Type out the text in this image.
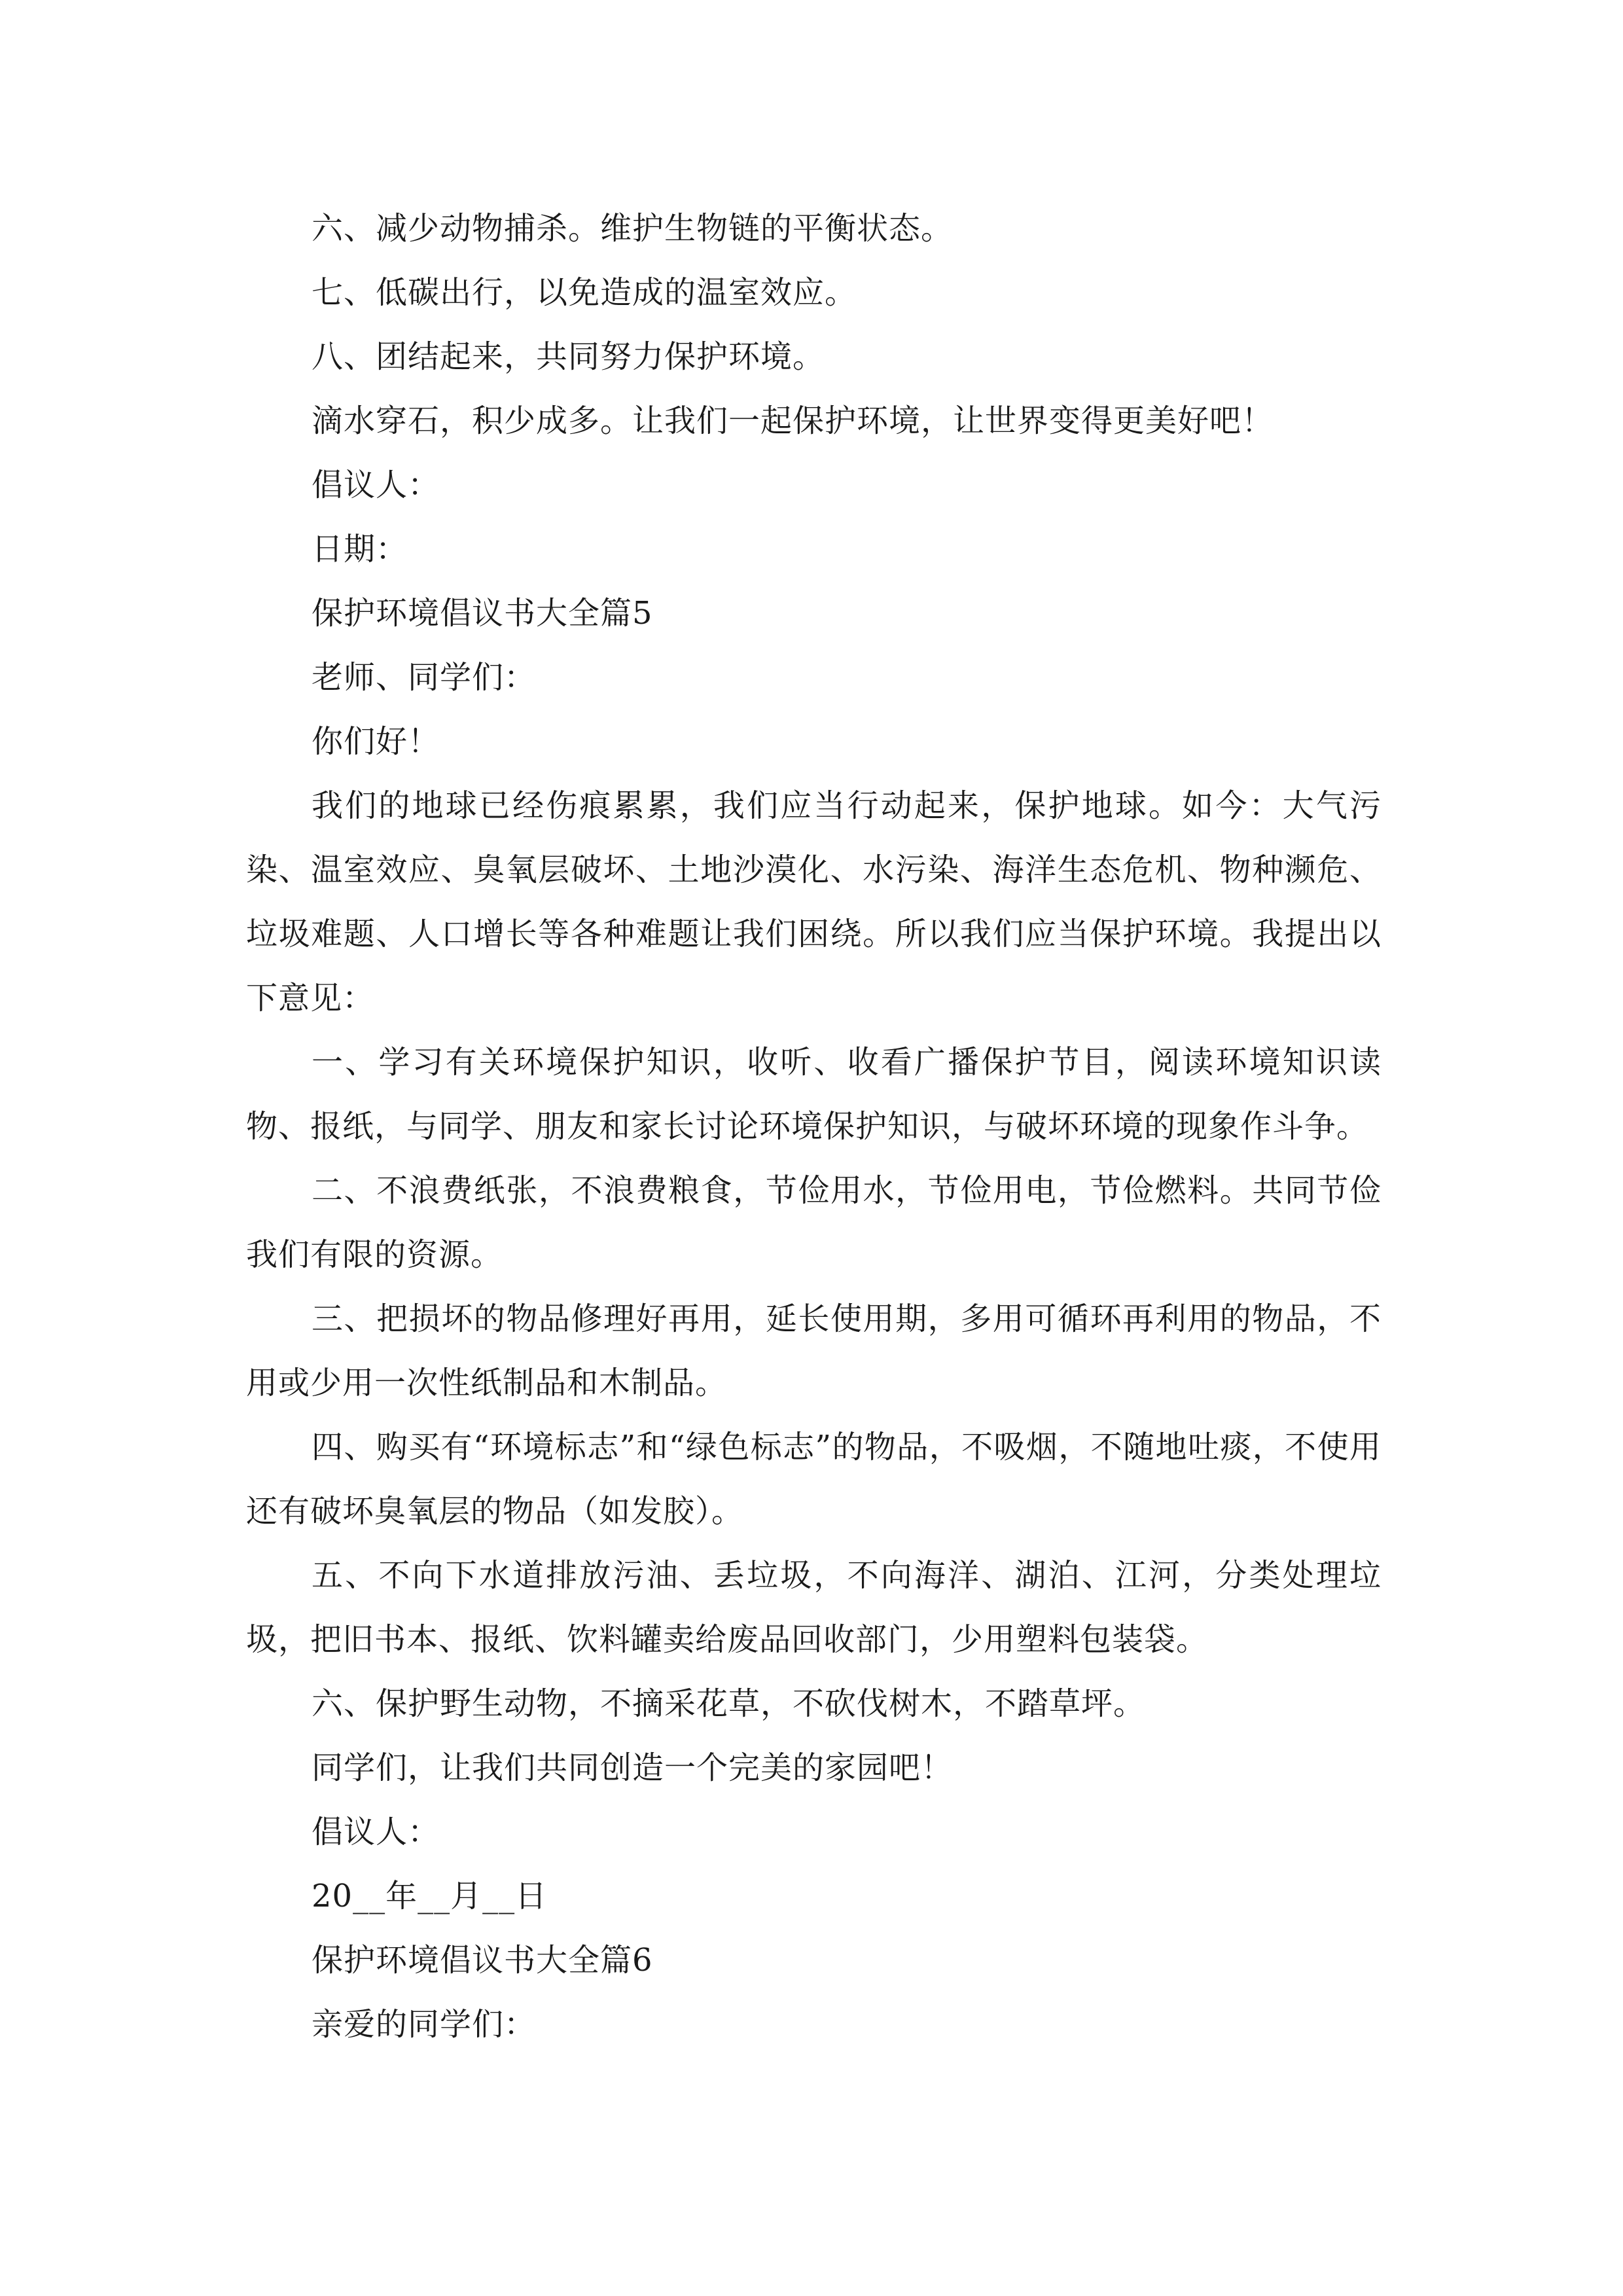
六、减少动物捕杀。维护生物链的平衡状态。

七、低碳出行，以免造成的温室效应。

八、团结起来，共同努力保护环境。

滴水穿石，积少成多。让我们一起保护环境，让世界变得更美好吧！

倡议人：

日期：

保护环境倡议书大全篇5

老师、同学们：

你们好！

我们的地球已经伤痕累累，我们应当行动起来，保护地球。如今：大气污染、温室效应、臭氧层破坏、土地沙漠化、水污染、海洋生态危机、物种濒危、垃圾难题、人口增长等各种难题让我们困绕。所以我们应当保护环境。我提出以下意见：

一、学习有关环境保护知识，收听、收看广播保护节目，阅读环境知识读物、报纸，与同学、朋友和家长讨论环境保护知识，与破坏环境的现象作斗争。

二、不浪费纸张，不浪费粮食，节俭用水，节俭用电，节俭燃料。共同节俭我们有限的资源。

三、把损坏的物品修理好再用，延长使用期，多用可循环再利用的物品，不用或少用一次性纸制品和木制品。

四、购买有“环境标志”和“绿色标志”的物品，不吸烟，不随地吐痰，不使用还有破坏臭氧层的物品（如发胶）。

五、不向下水道排放污油、丢垃圾，不向海洋、湖泊、江河，分类处理垃圾，把旧书本、报纸、饮料罐卖给废品回收部门，少用塑料包装袋。

六、保护野生动物，不摘采花草，不砍伐树木，不踏草坪。

同学们，让我们共同创造一个完美的家园吧！

倡议人：

20__年__月__日

保护环境倡议书大全篇6

亲爱的同学们：
